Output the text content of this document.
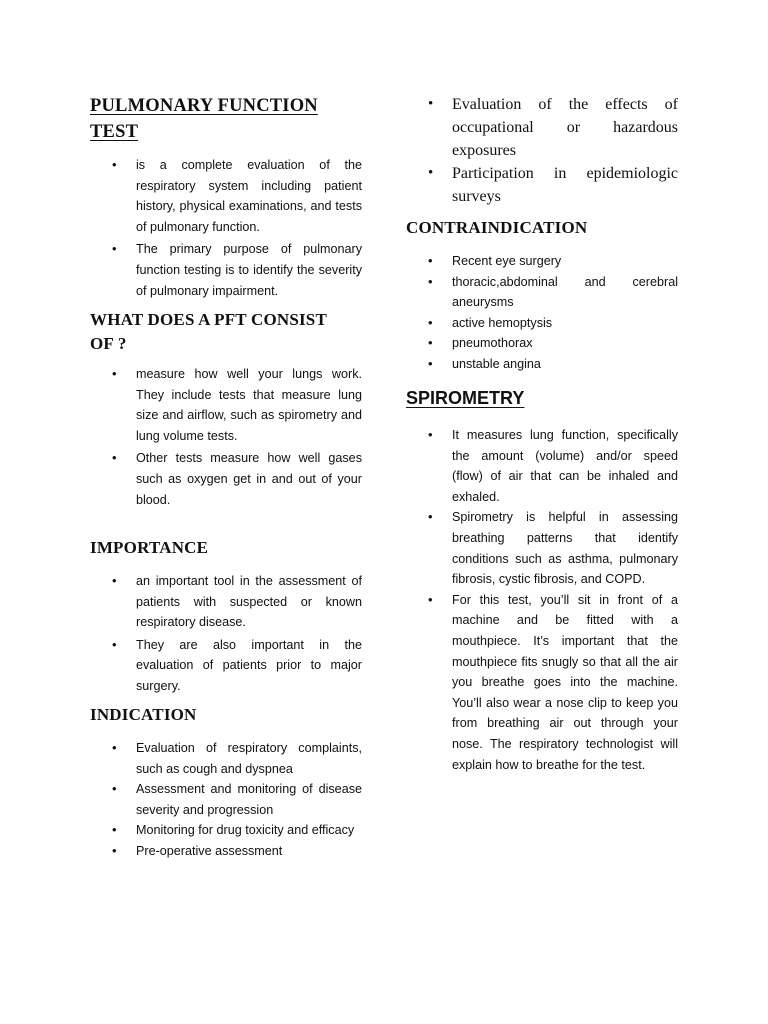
PULMONARY FUNCTION TEST
• is a complete evaluation of the respiratory system including patient history, physical examinations, and tests of pulmonary function.
• The primary purpose of pulmonary function testing is to identify the severity of pulmonary impairment.
WHAT DOES A PFT CONSIST OF ?
• measure how well your lungs work. They include tests that measure lung size and airflow, such as spirometry and lung volume tests.
• Other tests measure how well gases such as oxygen get in and out of your blood.
IMPORTANCE
• an important tool in the assessment of patients with suspected or known respiratory disease.
• They are also important in the evaluation of patients prior to major surgery.
INDICATION
• Evaluation of respiratory complaints, such as cough and dyspnea
• Assessment and monitoring of disease severity and progression
• Monitoring for drug toxicity and efficacy
• Pre-operative assessment
• Evaluation of the effects of occupational or hazardous exposures
• Participation in epidemiologic surveys
CONTRAINDICATION
• Recent eye surgery
• thoracic,abdominal and cerebral aneurysms
• active hemoptysis
• pneumothorax
• unstable angina
SPIROMETRY
• It measures lung function, specifically the amount (volume) and/or speed (flow) of air that can be inhaled and exhaled.
• Spirometry is helpful in assessing breathing patterns that identify conditions such as asthma, pulmonary fibrosis, cystic fibrosis, and COPD.
• For this test, you’ll sit in front of a machine and be fitted with a mouthpiece. It’s important that the mouthpiece fits snugly so that all the air you breathe goes into the machine. You’ll also wear a nose clip to keep you from breathing air out through your nose. The respiratory technologist will explain how to breathe for the test.
